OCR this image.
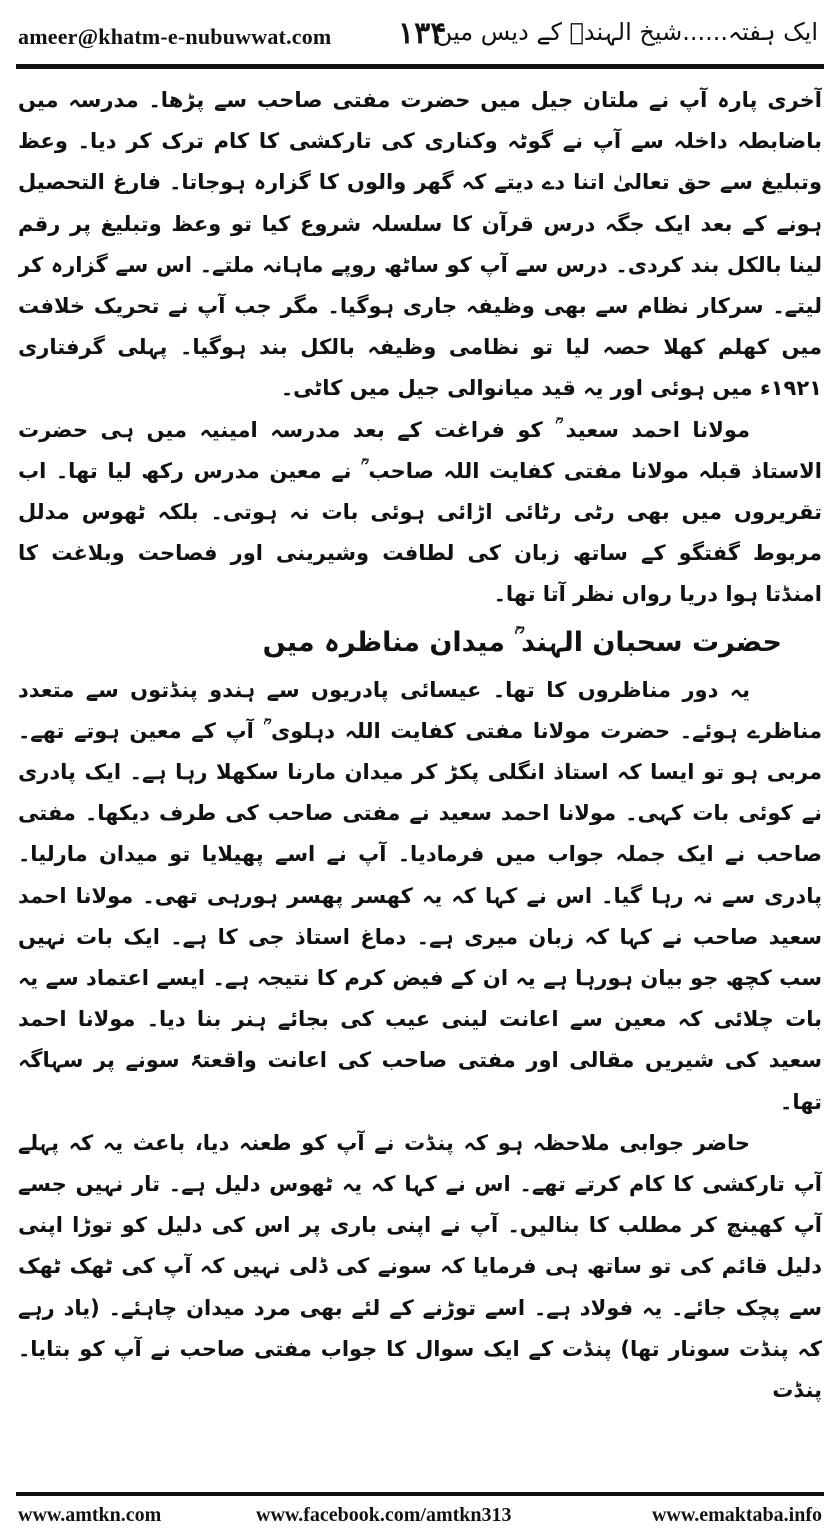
ameer@khatm-e-nubuwwat.com ۱۳۴
ایک ہفتہ......شیخ الہندؒ کے دیس میں

آخری پارہ آپ نے ملتان جیل میں حضرت مفتی صاحب سے پڑھا۔ مدرسہ میں باضابطہ داخلہ سے آپ نے گوٹہ وکناری کی تارکشی کا کام ترک کر دیا۔ وعظ وتبلیغ سے حق تعالیٰ اتنا دے دیتے کہ گھر والوں کا گزارہ ہوجاتا۔ فارغ التحصیل ہونے کے بعد ایک جگہ درس قرآن کا سلسلہ شروع کیا تو وعظ وتبلیغ پر رقم لینا بالکل بند کردی۔ درس سے آپ کو ساٹھ روپے ماہانہ ملتے۔ اس سے گزارہ کر لیتے۔ سرکار نظام سے بھی وظیفہ جاری ہوگیا۔ مگر جب آپ نے تحریک خلافت میں کھلم کھلا حصہ لیا تو نظامی وظیفہ بالکل بند ہوگیا۔ پہلی گرفتاری ۱۹۲۱ء میں ہوئی اور یہ قید میانوالی جیل میں کاٹی۔

مولانا احمد سعید ؒ کو فراغت کے بعد مدرسہ امینیہ میں ہی حضرت الاستاذ قبلہ مولانا مفتی کفایت اللہ صاحب ؒ نے معین مدرس رکھ لیا تھا۔ اب تقریروں میں بھی رٹی رٹائی اڑائی ہوئی بات نہ ہوتی۔ بلکہ ٹھوس مدلل مربوط گفتگو کے ساتھ زبان کی لطافت وشیرینی اور فصاحت وبلاغت کا امنڈتا ہوا دریا رواں نظر آتا تھا۔

حضرت سحبان الہند ؒ میدان مناظرہ میں

یہ دور مناظروں کا تھا۔ عیسائی پادریوں سے ہندو پنڈتوں سے متعدد مناظرے ہوئے۔ حضرت مولانا مفتی کفایت اللہ دہلوی ؒ آپ کے معین ہوتے تھے۔ مربی ہو تو ایسا کہ استاذ انگلی پکڑ کر میدان مارنا سکھلا رہا ہے۔ ایک پادری نے کوئی بات کہی۔ مولانا احمد سعید نے مفتی صاحب کی طرف دیکھا۔ مفتی صاحب نے ایک جملہ جواب میں فرمادیا۔ آپ نے اسے پھیلایا تو میدان مارلیا۔ پادری سے نہ رہا گیا۔ اس نے کہا کہ یہ کھسر پھسر ہورہی تھی۔ مولانا احمد سعید صاحب نے کہا کہ زبان میری ہے۔ دماغ استاذ جی کا ہے۔ ایک بات نہیں سب کچھ جو بیان ہورہا ہے یہ ان کے فیض کرم کا نتیجہ ہے۔ ایسے اعتماد سے یہ بات چلائی کہ معین سے اعانت لینی عیب کی بجائے ہنر بنا دیا۔ مولانا احمد سعید کی شیریں مقالی اور مفتی صاحب کی اعانت واقعتہً سونے پر سہاگہ تھا۔

حاضر جوابی ملاحظہ ہو کہ پنڈت نے آپ کو طعنہ دیا، باعث یہ کہ پہلے آپ تارکشی کا کام کرتے تھے۔ اس نے کہا کہ یہ ٹھوس دلیل ہے۔ تار نہیں جسے آپ کھینچ کر مطلب کا بنالیں۔ آپ نے اپنی باری پر اس کی دلیل کو توڑا اپنی دلیل قائم کی تو ساتھ ہی فرمایا کہ سونے کی ڈلی نہیں کہ آپ کی ٹھک ٹھک سے پچک جائے۔ یہ فولاد ہے۔ اسے توڑنے کے لئے بھی مرد میدان چاہئے۔ (یاد رہے کہ پنڈت سونار تھا) پنڈت کے ایک سوال کا جواب مفتی صاحب نے آپ کو بتایا۔ پنڈت

www.amtkn.com	www.facebook.com/amtkn313	www.emaktaba.info
